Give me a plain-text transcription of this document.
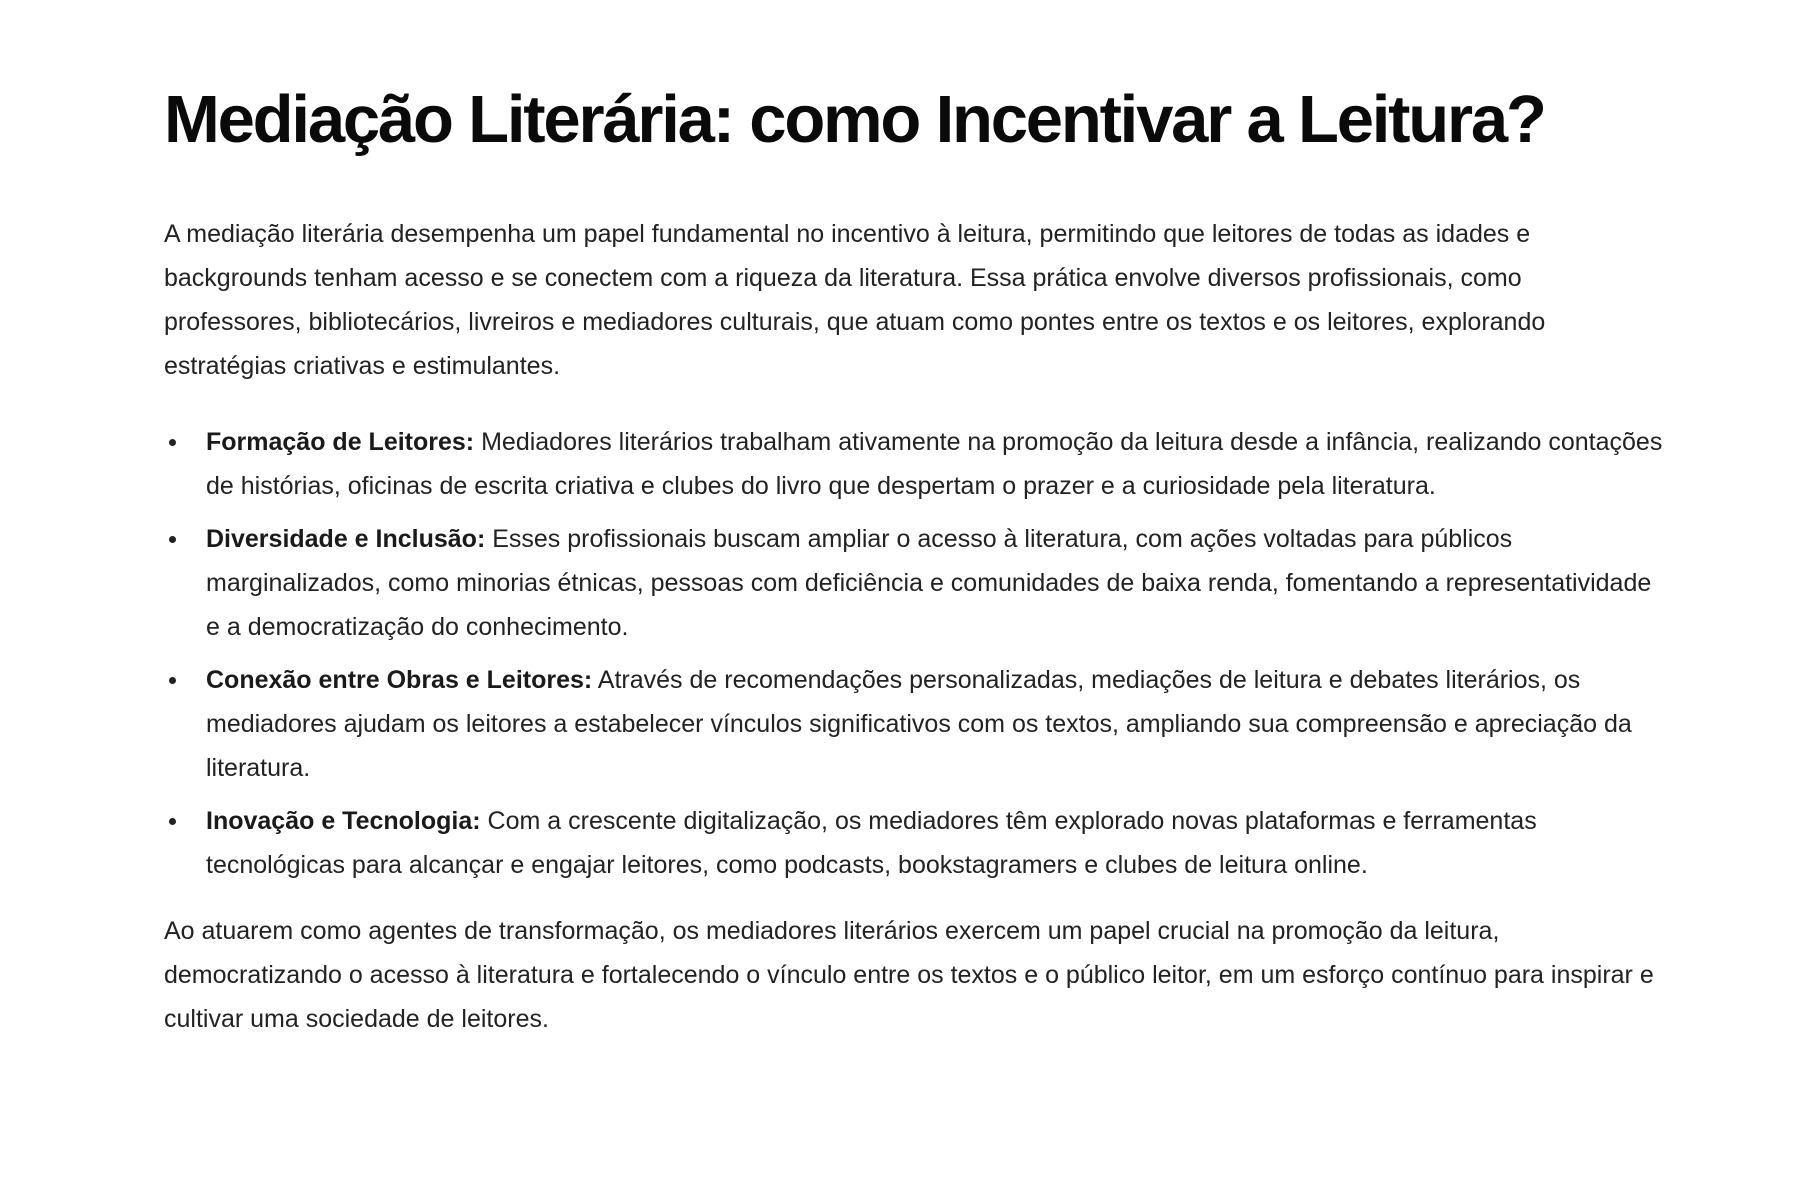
Mediação Literária: como Incentivar a Leitura?

A mediação literária desempenha um papel fundamental no incentivo à leitura, permitindo que leitores de todas as idades e backgrounds tenham acesso e se conectem com a riqueza da literatura. Essa prática envolve diversos profissionais, como professores, bibliotecários, livreiros e mediadores culturais, que atuam como pontes entre os textos e os leitores, explorando estratégias criativas e estimulantes.

Formação de Leitores: Mediadores literários trabalham ativamente na promoção da leitura desde a infância, realizando contações de histórias, oficinas de escrita criativa e clubes do livro que despertam o prazer e a curiosidade pela literatura.
Diversidade e Inclusão: Esses profissionais buscam ampliar o acesso à literatura, com ações voltadas para públicos marginalizados, como minorias étnicas, pessoas com deficiência e comunidades de baixa renda, fomentando a representatividade e a democratização do conhecimento.
Conexão entre Obras e Leitores: Através de recomendações personalizadas, mediações de leitura e debates literários, os mediadores ajudam os leitores a estabelecer vínculos significativos com os textos, ampliando sua compreensão e apreciação da literatura.
Inovação e Tecnologia: Com a crescente digitalização, os mediadores têm explorado novas plataformas e ferramentas tecnológicas para alcançar e engajar leitores, como podcasts, bookstagramers e clubes de leitura online.

Ao atuarem como agentes de transformação, os mediadores literários exercem um papel crucial na promoção da leitura, democratizando o acesso à literatura e fortalecendo o vínculo entre os textos e o público leitor, em um esforço contínuo para inspirar e cultivar uma sociedade de leitores.
